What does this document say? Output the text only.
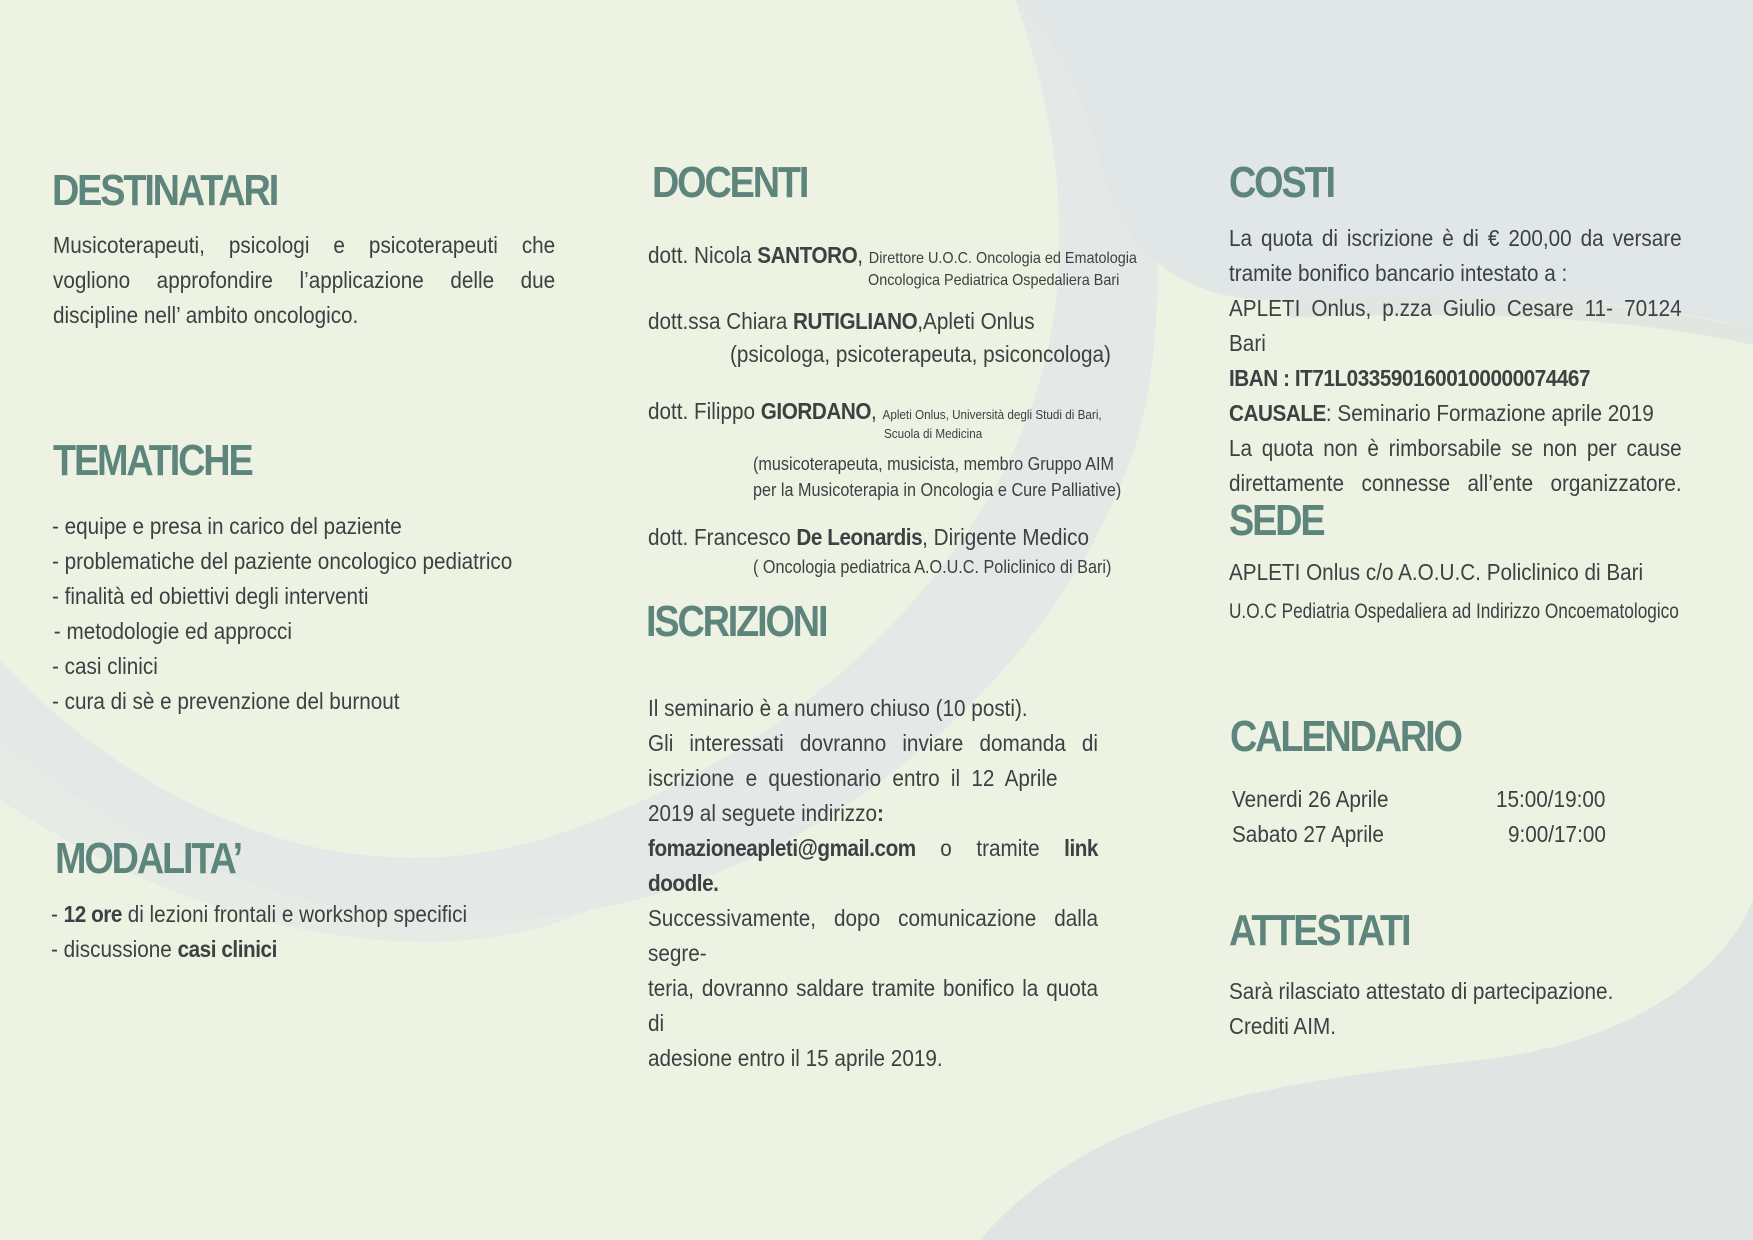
DESTINATARI
Musicoterapeuti, psicologi e psicoterapeuti che
vogliono approfondire l’applicazione delle due
discipline nell’ ambito oncologico.
TEMATICHE
- equipe e presa in carico del paziente
- problematiche del paziente oncologico pediatrico
- finalità ed obiettivi degli interventi
- metodologie ed approcci
- casi clinici
- cura di sè e prevenzione del burnout
MODALITA’
- 12 ore di lezioni frontali e workshop specifici
- discussione casi clinici
DOCENTI
dott. Nicola SANTORO, Direttore U.O.C. Oncologia ed Ematologia
Oncologica Pediatrica Ospedaliera Bari
dott.ssa Chiara RUTIGLIANO,Apleti Onlus
(psicologa, psicoterapeuta, psiconcologa)
dott. Filippo GIORDANO, Apleti Onlus, Università degli Studi di Bari,
Scuola di Medicina
(musicoterapeuta, musicista, membro Gruppo AIM
per la Musicoterapia in Oncologia e Cure Palliative)
dott. Francesco De Leonardis, Dirigente Medico
( Oncologia pediatrica A.O.U.C. Policlinico di Bari)
ISCRIZIONI
Il seminario è a numero chiuso (10 posti).
Gli interessati dovranno inviare domanda di
iscrizione e questionario entro il 12 Aprile
2019 al seguete indirizzo:
fomazioneapleti@gmail.com o tramite link doodle.
Successivamente, dopo comunicazione dalla segre-
teria, dovranno saldare tramite bonifico la quota di
adesione entro il 15 aprile 2019.
COSTI
La quota di iscrizione è di € 200,00 da versare
tramite bonifico bancario intestato a :
APLETI Onlus, p.zza Giulio Cesare 11- 70124 Bari
IBAN : IT71L0335901600100000074467
CAUSALE: Seminario Formazione aprile 2019
La quota non è rimborsabile se non per cause
direttamente connesse all’ente organizzatore.
SEDE
APLETI Onlus c/o A.O.U.C. Policlinico di Bari
U.O.C Pediatria Ospedaliera ad Indirizzo Oncoematologico
CALENDARIO
Venerdi 26 Aprile	15:00/19:00
Sabato 27 Aprile	9:00/17:00
ATTESTATI
Sarà rilasciato attestato di partecipazione.
Crediti AIM.
